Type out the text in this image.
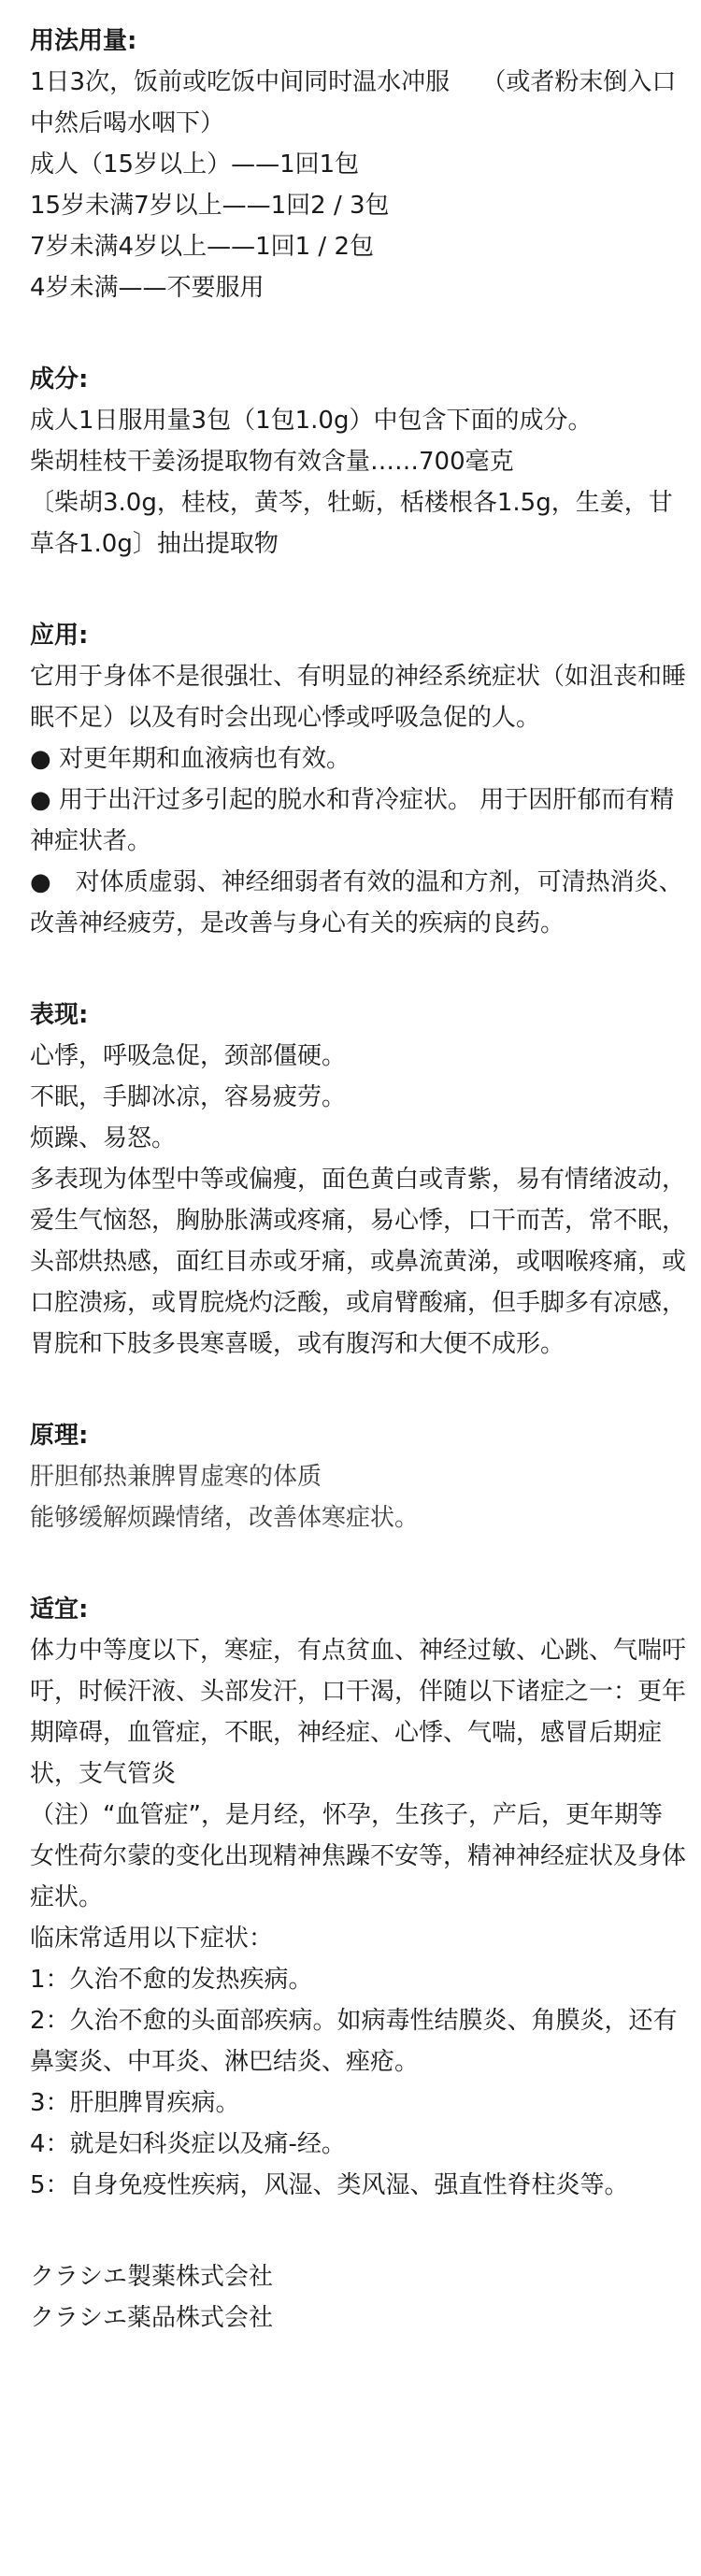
用法用量:

1日3次，饭前或吃饭中间同时温水冲服　 （或者粉末倒入口中然后喝水咽下）

成人（15岁以上）——1回1包

15岁未满7岁以上——1回2 / 3包

7岁未满4岁以上——1回1 / 2包

4岁未满——不要服用

成分:

成人1日服用量3包（1包1.0g）中包含下面的成分。

柴胡桂枝干姜汤提取物有效含量……700毫克

〔柴胡3.0g，桂枝，黄芩，牡蛎，栝楼根各1.5g，生姜，甘草各1.0g〕抽出提取物

应用:

它用于身体不是很强壮、有明显的神经系统症状（如沮丧和睡眠不足）以及有时会出现心悸或呼吸急促的人。

● 对更年期和血液病也有效。

● 用于出汗过多引起的脱水和背冷症状。 用于因肝郁而有精神症状者。

●　对体质虚弱、神经细弱者有效的温和方剂，可清热消炎、改善神经疲劳，是改善与身心有关的疾病的良药。

表现:

心悸，呼吸急促，颈部僵硬。

不眠，手脚冰凉，容易疲劳。

烦躁、易怒。

多表现为体型中等或偏瘦，面色黄白或青紫，易有情绪波动，爱生气恼怒，胸胁胀满或疼痛，易心悸，口干而苦，常不眠，头部烘热感，面红目赤或牙痛，或鼻流黄涕，或咽喉疼痛，或口腔溃疡，或胃脘烧灼泛酸，或肩臂酸痛，但手脚多有凉感，胃脘和下肢多畏寒喜暖，或有腹泻和大便不成形。

原理:

肝胆郁热兼脾胃虚寒的体质

能够缓解烦躁情绪，改善体寒症状。

适宜:

体力中等度以下，寒症，有点贫血、神经过敏、心跳、气喘吁吁，时候汗液、头部发汗，口干渴，伴随以下诸症之一：更年期障碍，血管症，不眠，神经症、心悸、气喘，感冒后期症状，支气管炎

（注）“血管症”，是月经，怀孕，生孩子，产后，更年期等女性荷尔蒙的变化出现精神焦躁不安等，精神神经症状及身体症状。

临床常适用以下症状：

1：久治不愈的发热疾病。

2：久治不愈的头面部疾病。如病毒性结膜炎、角膜炎，还有鼻窦炎、中耳炎、淋巴结炎、痤疮。

3：肝胆脾胃疾病。

4：就是妇科炎症以及痛-经。

5：自身免疫性疾病，风湿、类风湿、强直性脊柱炎等。

クラシエ製薬株式会社

クラシエ薬品株式会社
